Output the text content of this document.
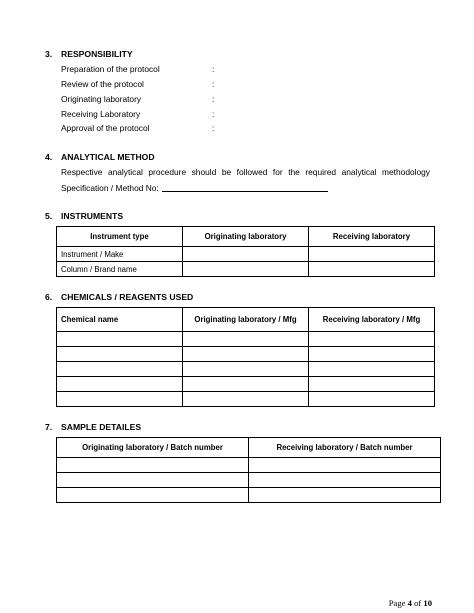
3. RESPONSIBILITY
Preparation of the protocol	:
Review of the protocol	:
Originating laboratory	:
Receiving Laboratory	:
Approval of the protocol	:
4. ANALYTICAL METHOD
Respective analytical procedure should be followed for the required analytical methodology
Specification / Method No:
5. INSTRUMENTS
Instrument type	Originating laboratory	Receiving laboratory
Instrument / Make		
Column / Brand name		
6. CHEMICALS / REAGENTS USED
Chemical name	Originating laboratory / Mfg	Receiving laboratory / Mfg

7. SAMPLE DETAILES
Originating laboratory / Batch number	Receiving laboratory / Batch number

Page 4 of 10
